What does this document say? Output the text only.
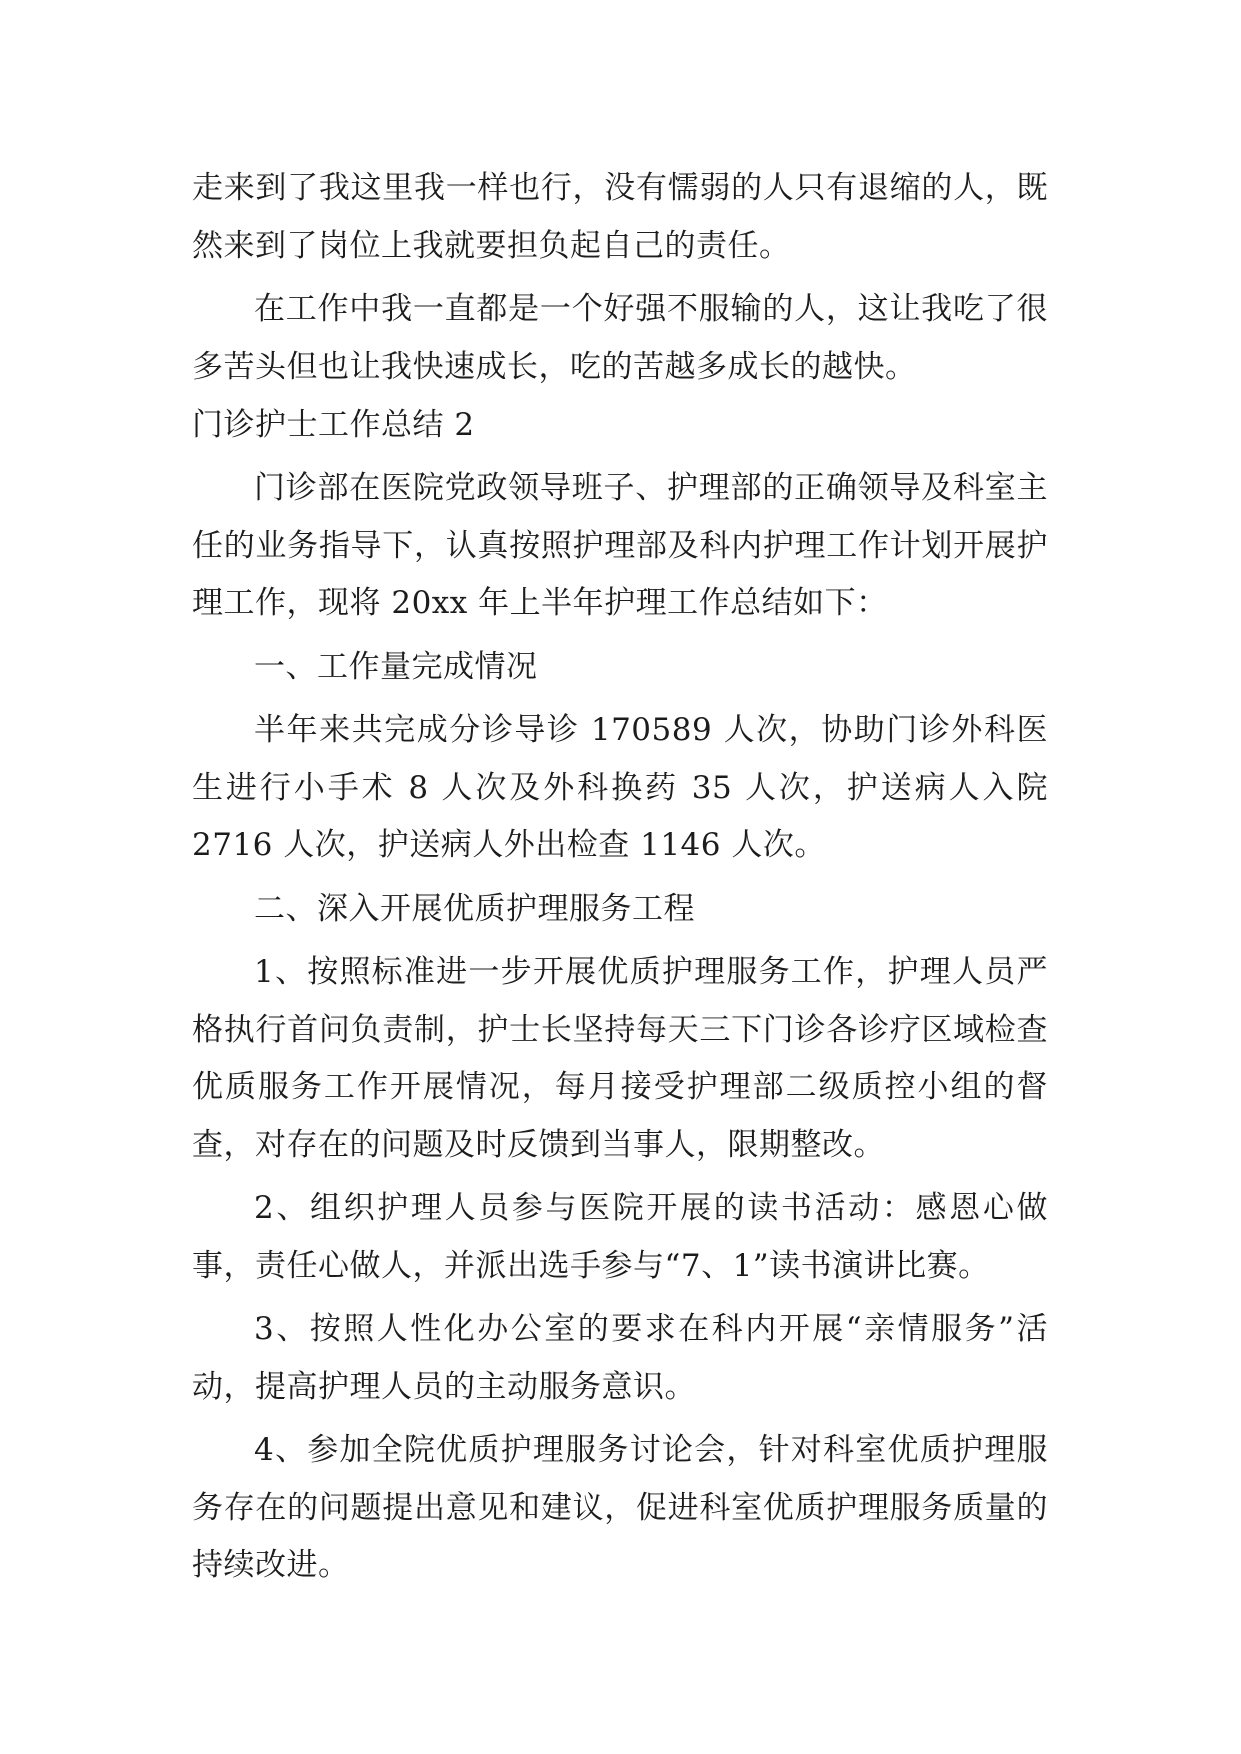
走来到了我这里我一样也行，没有懦弱的人只有退缩的人，既然来到了岗位上我就要担负起自己的责任。

在工作中我一直都是一个好强不服输的人，这让我吃了很多苦头但也让我快速成长，吃的苦越多成长的越快。

门诊护士工作总结 2

门诊部在医院党政领导班子、护理部的正确领导及科室主任的业务指导下，认真按照护理部及科内护理工作计划开展护理工作，现将 20xx 年上半年护理工作总结如下：

一、工作量完成情况

半年来共完成分诊导诊 170589 人次，协助门诊外科医生进行小手术 8 人次及外科换药 35 人次，护送病人入院 2716 人次，护送病人外出检查 1146 人次。

二、深入开展优质护理服务工程

1、按照标准进一步开展优质护理服务工作，护理人员严格执行首问负责制，护士长坚持每天三下门诊各诊疗区域检查优质服务工作开展情况，每月接受护理部二级质控小组的督查，对存在的问题及时反馈到当事人，限期整改。

2、组织护理人员参与医院开展的读书活动：感恩心做事，责任心做人，并派出选手参与“7、1”读书演讲比赛。

3、按照人性化办公室的要求在科内开展“亲情服务”活动，提高护理人员的主动服务意识。

4、参加全院优质护理服务讨论会，针对科室优质护理服务存在的问题提出意见和建议，促进科室优质护理服务质量的持续改进。
